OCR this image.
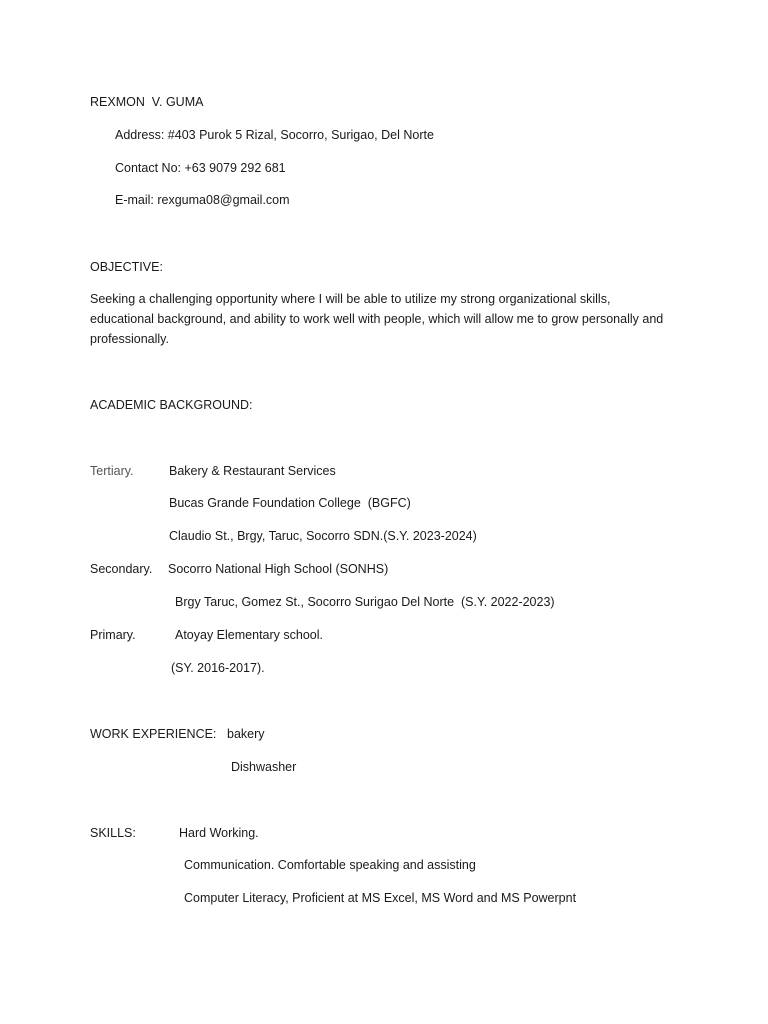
REXMON  V. GUMA
Address: #403 Purok 5 Rizal, Socorro, Surigao, Del Norte
Contact No: +63 9079 292 681
E-mail: rexguma08@gmail.com
OBJECTIVE:
Seeking a challenging opportunity where I will be able to utilize my strong organizational skills, educational background, and ability to work well with people, which will allow me to grow personally and professionally.
ACADEMIC BACKGROUND:
Tertiary.	Bakery & Restaurant Services
Bucas Grande Foundation College  (BGFC)
Claudio St., Brgy, Taruc, Socorro SDN.(S.Y. 2023-2024)
Secondary. Socorro National High School (SONHS)
Brgy Taruc, Gomez St., Socorro Surigao Del Norte  (S.Y. 2022-2023)
Primary.	Atoyay Elementary school.
(SY. 2016-2017).
WORK EXPERIENCE: bakery
Dishwasher
SKILLS:	Hard Working.
Communication. Comfortable speaking and assisting
Computer Literacy, Proficient at MS Excel, MS Word and MS Powerpnt
